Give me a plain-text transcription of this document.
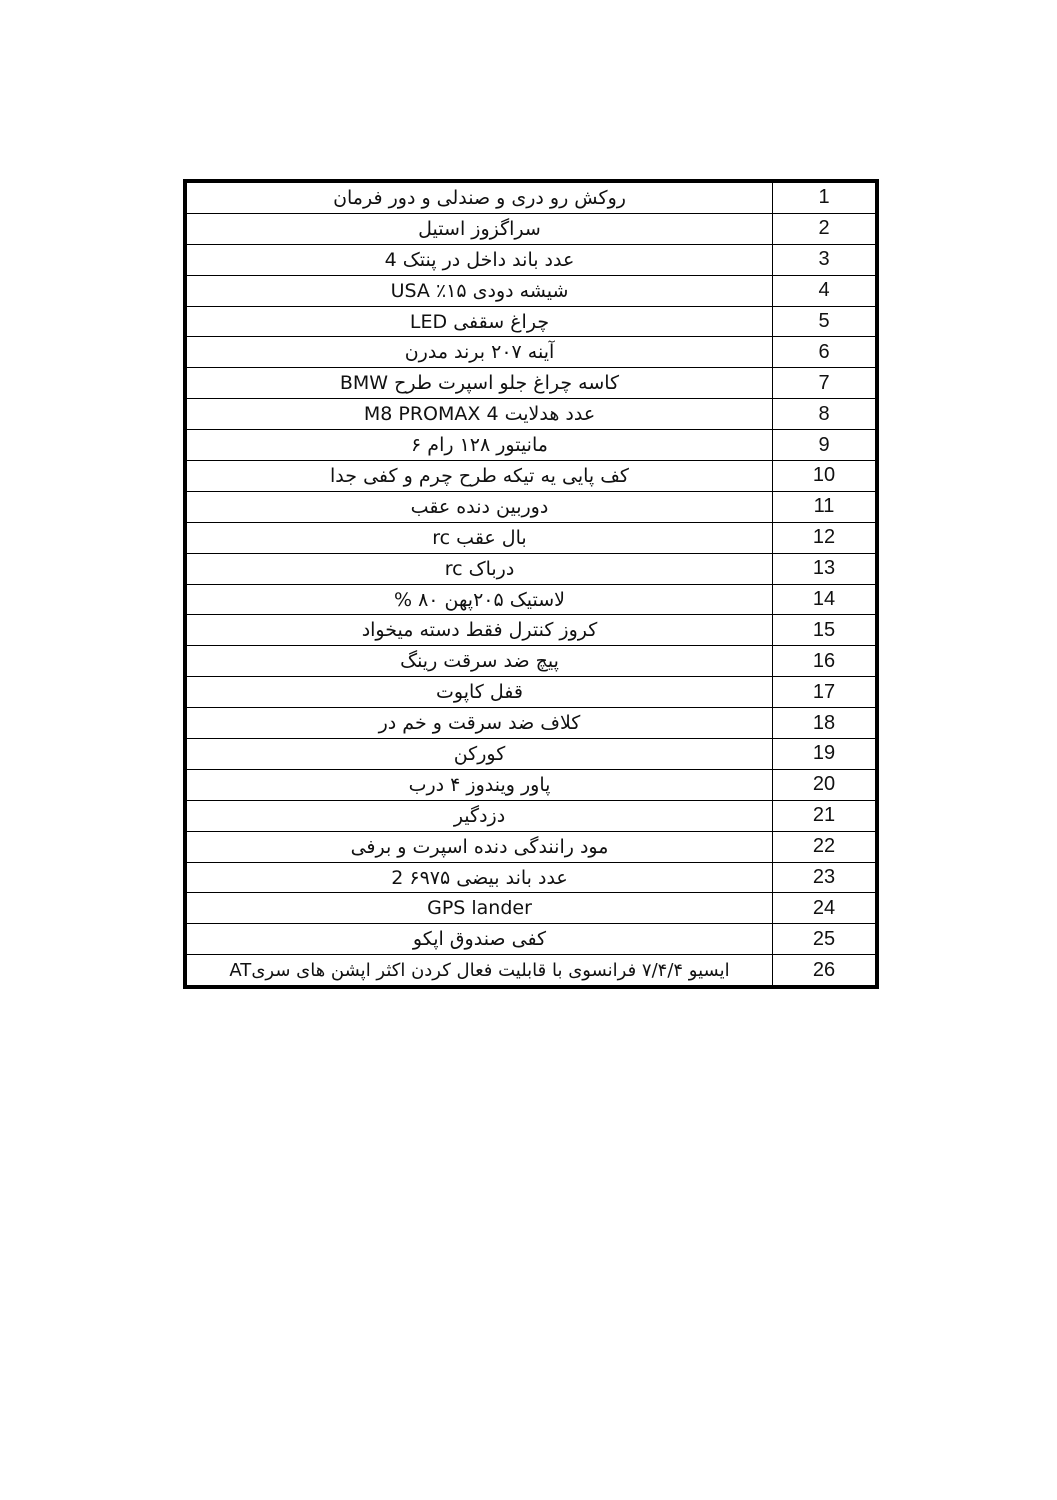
روکش رو دری و صندلی و دور فرمان	1
سراگزوز استیل	2
عدد باند داخل در پنتک 4	3
شیشه دودی ۱۵٪ USA	4
چراغ سقفی LED	5
آینه ۲۰۷ برند مدرن	6
کاسه چراغ جلو اسپرت طرح BMW	7
M8 PROMAX عدد هدلایت 4	8
مانیتور ۱۲۸ رام ۶	9
کف پایی یه تیکه طرح چرم و کفی جدا	10
دوربین دنده عقب	11
بال عقب rc	12
درباک rc	13
لاستیک ۲۰۵پهن ۸۰ %	14
کروز کنترل فقط دسته میخواد	15
پیچ ضد سرقت رینگ	16
قفل کاپوت	17
کلاف ضد سرقت و خم در	18
کورکن	19
پاور ویندوز ۴ درب	20
دزدگیر	21
مود رانندگی دنده اسپرت و برفی	22
عدد باند بیضی ۶۹۷۵ 2	23
GPS lander	24
کفی صندوق اپکو	25
ایسیو ۷/۴/۴ فرانسوی با قابلیت فعال کردن اکثر اپشن های سریAT	26
